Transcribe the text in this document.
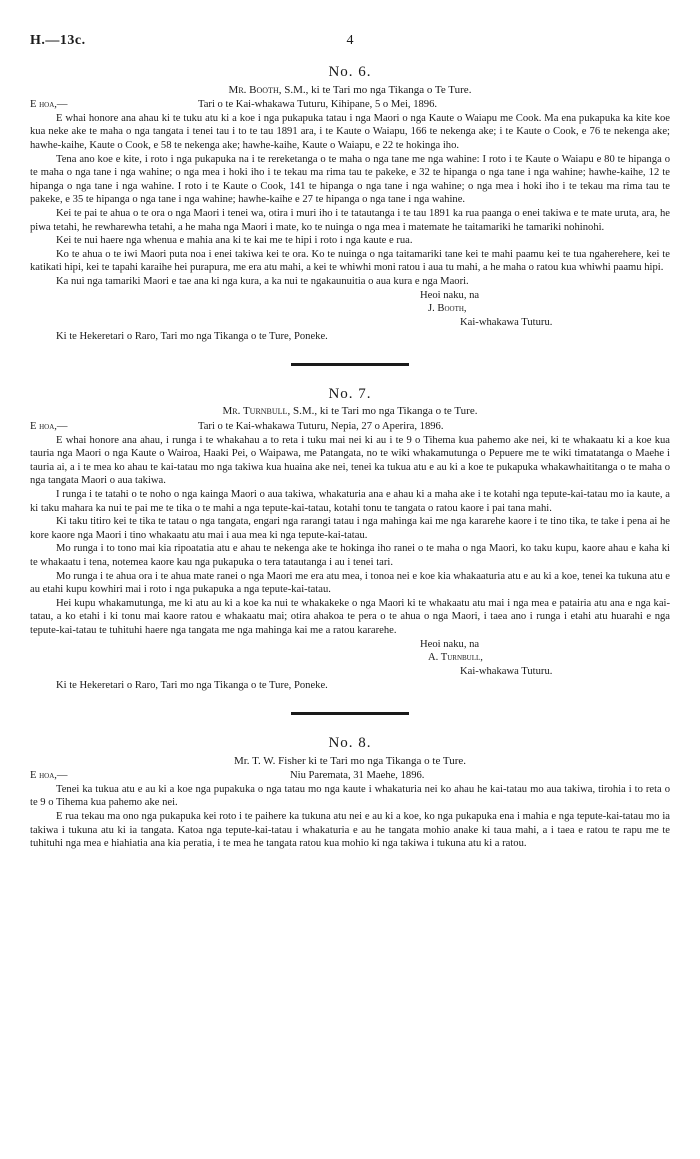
H.—13c.	4
No. 6.
Mr. Booth, S.M., ki te Tari mo nga Tikanga o Te Ture.
E hoa,—	Tari o te Kai-whakawa Tuturu, Kihipane, 5 o Mei, 1896.

E whai honore ana ahau ki te tuku atu ki a koe i nga pukapuka tatau i nga Maori o nga Kaute o Waiapu me Cook. Ma ena pukapuka ka kite koe kua neke ake te maha o nga tangata i tenei tau i to te tau 1891 ara, i te Kaute o Waiapu, 166 te nekenga ake; i te Kaute o Cook, e 76 te nekenga ake; hawhe-kaihe, Kaute o Cook, e 58 te nekenga ake; hawhe-kaihe, Kaute o Waiapu, e 22 te hokinga iho.

Tena ano koe e kite, i roto i nga pukapuka na i te rereketanga o te maha o nga tane me nga wahine: I roto i te Kaute o Waiapu e 80 te hipanga o te maha o nga tane i nga wahine; o nga mea i hoki iho i te tekau ma rima tau te pakeke, e 32 te hipanga o nga tane i nga wahine; hawhe-kaihe, 12 te hipanga o nga tane i nga wahine. I roto i te Kaute o Cook, 141 te hipanga o nga tane i nga wahine; o nga mea i hoki iho i te tekau ma rima tau te pakeke, e 35 te hipanga o nga tane i nga wahine; hawhe-kaihe e 27 te hipanga o nga tane i nga wahine.

Kei te pai te ahua o te ora o nga Maori i tenei wa, otira i muri iho i te tatautanga i te tau 1891 ka rua paanga o enei takiwa e te mate uruta, ara, he piwa tetahi, he rewharewha tetahi, a he maha nga Maori i mate, ko te nuinga o nga mea i matemate he taitamariki he tamariki nohinohi.

Kei te nui haere nga whenua e mahia ana ki te kai me te hipi i roto i nga kaute e rua.

Ko te ahua o te iwi Maori puta noa i enei takiwa kei te ora. Ko te nuinga o nga taitamariki tane kei te mahi paamu kei te tua ngaherehere, kei te katikati hipi, kei te tapahi karaihe hei purapura, me era atu mahi, a kei te whiwhi moni ratou i aua tu mahi, a he maha o ratou kua whiwhi paamu hipi.

Ka nui nga tamariki Maori e tae ana ki nga kura, a ka nui te ngakaunuitia o aua kura e nga Maori.

Heoi naku, na
J. Booth,
Kai-whakawa Tuturu.
Ki te Hekeretari o Raro, Tari mo nga Tikanga o te Ture, Poneke.
No. 7.
Mr. Turnbull, S.M., ki te Tari mo nga Tikanga o te Ture.
E hoa,—	Tari o te Kai-whakawa Tuturu, Nepia, 27 o Aperira, 1896.

E whai honore ana ahau, i runga i te whakahau a to reta i tuku mai nei ki au i te 9 o Tihema kua pahemo ake nei, ki te whakaatu ki a koe kua tauria nga Maori o nga Kaute o Wairoa, Haaki Pei, o Waipawa, me Patangata, no te wiki whakamutunga o Pepuere me te wiki timatatanga o Maehe i tauria ai, a i te mea ko ahau te kai-tatau mo nga takiwa kua huaina ake nei, tenei ka tukua atu e au ki a koe te pukapuka whakawhaititanga o te maha o nga tangata Maori o aua takiwa.

I runga i te tatahi o te noho o nga kainga Maori o aua takiwa, whakaturia ana e ahau ki a maha ake i te kotahi nga tepute-kai-tatau mo ia kaute, a ki taku mahara ka nui te pai me te tika o te mahi a nga tepute-kai-tatau, kotahi tonu te tangata o ratou kaore i pai tana mahi.

Ki taku titiro kei te tika te tatau o nga tangata, engari nga rarangi tatau i nga mahinga kai me nga kararehe kaore i te tino tika, te take i pena ai he kore kaore nga Maori i tino whakaatu atu mai i aua mea ki nga tepute-kai-tatau.

Mo runga i to tono mai kia ripoatatia atu e ahau te nekenga ake te hokinga iho ranei o te maha o nga Maori, ko taku kupu, kaore ahau e kaha ki te whakaatu i tena, notemea kaore kau nga pukapuka o tera tatautanga i au i tenei tari.

Mo runga i te ahua ora i te ahua mate ranei o nga Maori me era atu mea, i tonoa nei e koe kia whakaaturia atu e au ki a koe, tenei ka tukuna atu e au etahi kupu kowhiri mai i roto i nga pukapuka a nga tepute-kai-tatau.

Hei kupu whakamutunga, me ki atu au ki a koe ka nui te whakakeke o nga Maori ki te whakaatu atu mai i nga mea e patairia atu ana e nga kai-tatau, a ko etahi i ki tonu mai kaore ratou e whakaatu mai; otira ahakoa te pera o te ahua o nga Maori, i taea ano i runga i etahi atu huarahi e nga tepute-kai-tatau te tuhituhi haere nga tangata me nga mahinga kai me a ratou kararehe.

Heoi naku, na
A. Turnbull,
Kai-whakawa Tuturu.
Ki te Hekeretari o Raro, Tari mo nga Tikanga o te Ture, Poneke.
No. 8.
Mr. T. W. Fisher ki te Tari mo nga Tikanga o te Ture.
E hoa,—	Niu Paremata, 31 Maehe, 1896.

Tenei ka tukua atu e au ki a koe nga pupakuka o nga tatau mo nga kaute i whakaturia nei ko ahau he kai-tatau mo aua takiwa, tirohia i to reta o te 9 o Tihema kua pahemo ake nei.

E rua tekau ma ono nga pukapuka kei roto i te paihere ka tukuna atu nei e au ki a koe, ko nga pukapuka ena i mahia e nga tepute-kai-tatau mo ia takiwa i tukuna atu ki ia tangata. Katoa nga tepute-kai-tatau i whakaturia e au he tangata mohio anake ki taua mahi, a i taea e ratou te rapu me te tuhituhi nga mea e hiahiatia ana kia peratia, i te mea he tangata ratou kua mohio ki nga takiwa i tukuna atu ki a ratou.
